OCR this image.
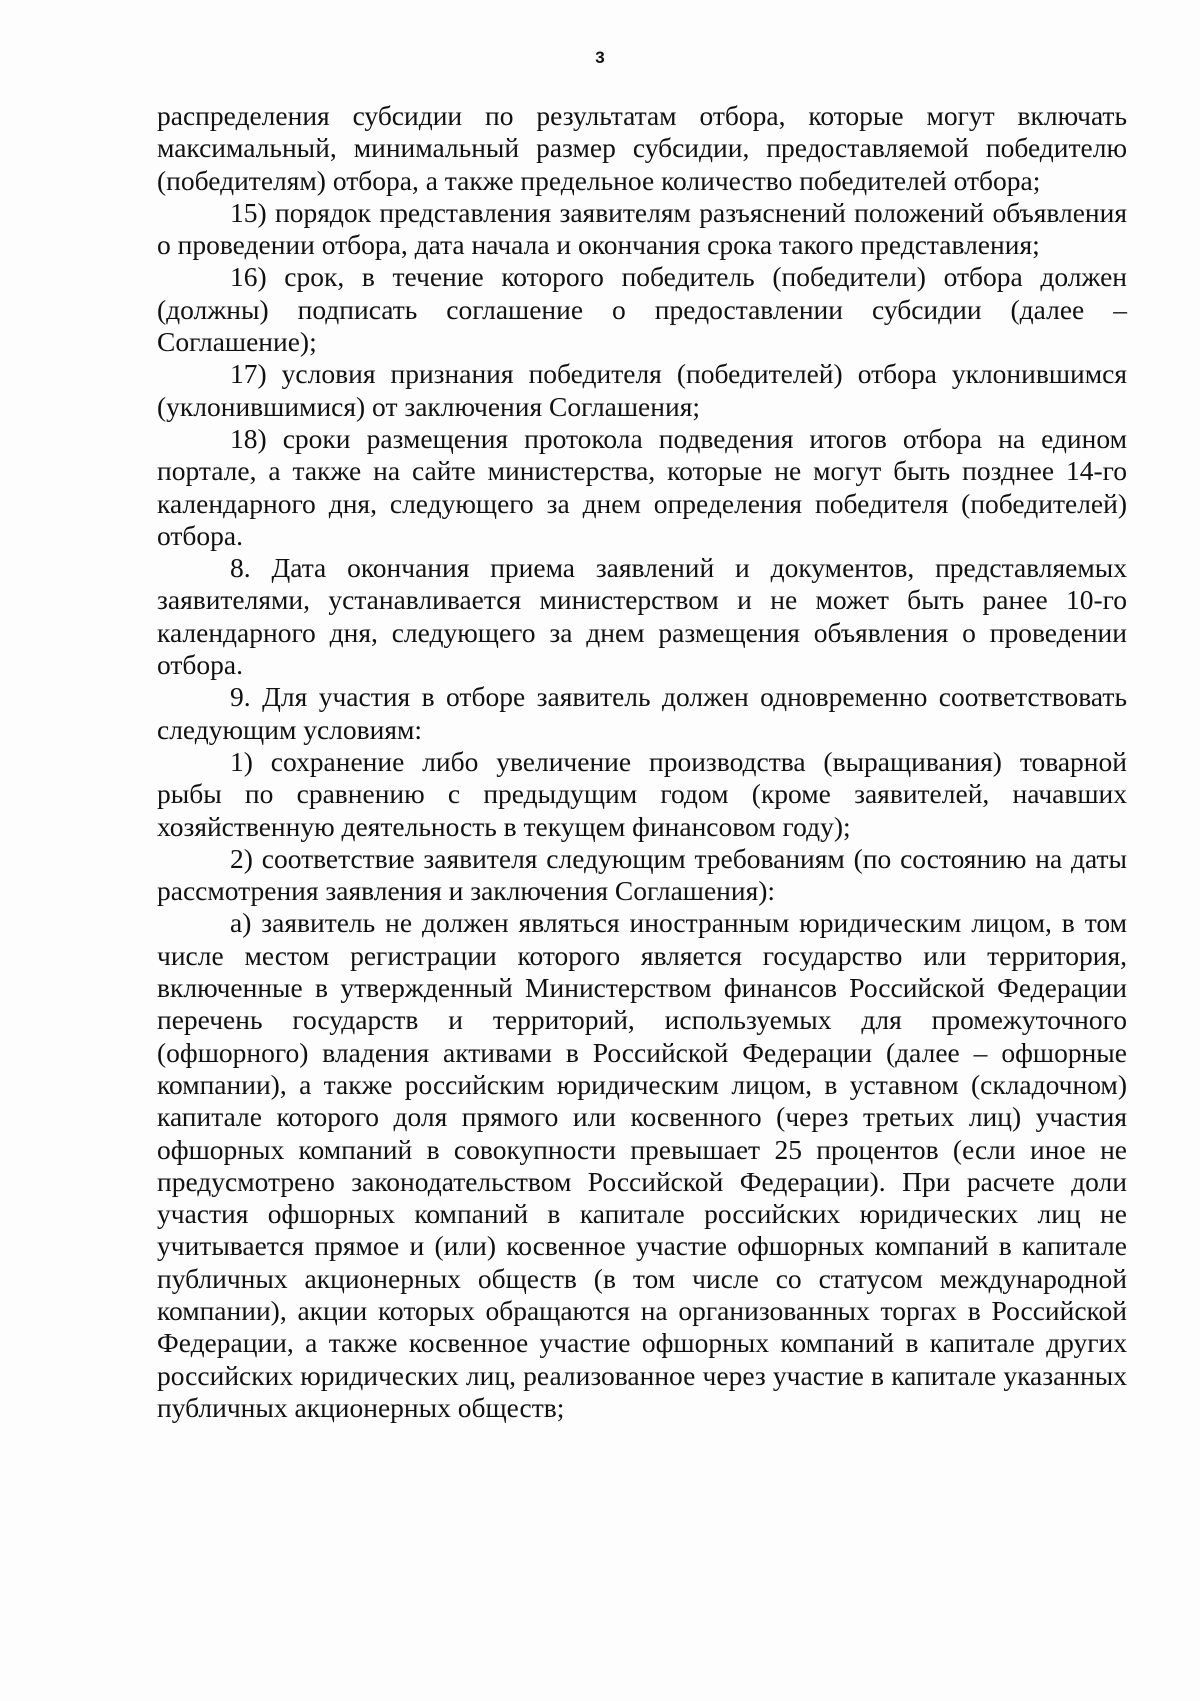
3

распределения субсидии по результатам отбора, которые могут включать максимальный, минимальный размер субсидии, предоставляемой победителю (победителям) отбора, а также предельное количество победителей отбора;

15) порядок представления заявителям разъяснений положений объявления о проведении отбора, дата начала и окончания срока такого представления;

16) срок, в течение которого победитель (победители) отбора должен (должны) подписать соглашение о предоставлении субсидии (далее – Соглашение);

17) условия признания победителя (победителей) отбора уклонившимся (уклонившимися) от заключения Соглашения;

18) сроки размещения протокола подведения итогов отбора на едином портале, а также на сайте министерства, которые не могут быть позднее 14-го календарного дня, следующего за днем определения победителя (победителей) отбора.

8. Дата окончания приема заявлений и документов, представляемых заявителями, устанавливается министерством и не может быть ранее 10-го календарного дня, следующего за днем размещения объявления о проведении отбора.

9. Для участия в отборе заявитель должен одновременно соответствовать следующим условиям:

1) сохранение либо увеличение производства (выращивания) товарной рыбы по сравнению с предыдущим годом (кроме заявителей, начавших хозяйственную деятельность в текущем финансовом году);

2) соответствие заявителя следующим требованиям (по состоянию на даты рассмотрения заявления и заключения Соглашения):

а) заявитель не должен являться иностранным юридическим лицом, в том числе местом регистрации которого является государство или территория, включенные в утвержденный Министерством финансов Российской Федерации перечень государств и территорий, используемых для промежуточного (офшорного) владения активами в Российской Федерации (далее – офшорные компании), а также российским юридическим лицом, в уставном (складочном) капитале которого доля прямого или косвенного (через третьих лиц) участия офшорных компаний в совокупности превышает 25 процентов (если иное не предусмотрено законодательством Российской Федерации). При расчете доли участия офшорных компаний в капитале российских юридических лиц не учитывается прямое и (или) косвенное участие офшорных компаний в капитале публичных акционерных обществ (в том числе со статусом международной компании), акции которых обращаются на организованных торгах в Российской Федерации, а также косвенное участие офшорных компаний в капитале других российских юридических лиц, реализованное через участие в капитале указанных публичных акционерных обществ;
